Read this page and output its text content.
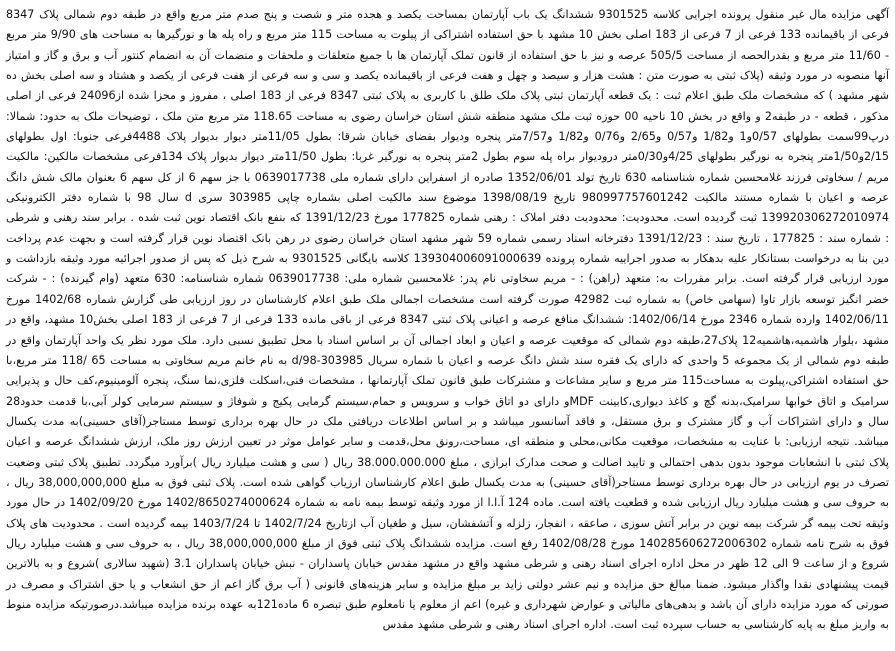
آگهی مزایده مال غیر منقول پرونده اجرایی کلاسه 9301525 ششدانگ یک باب آپارتمان بمساحت یکصد و هجده متر و شصت و پنج صدم متر مربع واقع در طبقه دوم شمالی پلاک 8347 فرعی از باقیمانده 133 فرعی از 7 فرعی از 183 اصلی بخش 10 مشهد با حق استفاده اشتراکی از پیلوت به مساحت 115 متر مربع و راه پله ها و نورگیرها به مساحت های 9/90 متر مربع - 11/60 متر مربع و بقدرالحصه از مساحت 505/5 عرصه و نیز با حق استفاده از قانون تملک آپارتمان ها با جمیع متعلقات و ملحقات و منضمات آن به انضمام کنتور آب و برق و گاز و امتیاز آنها منصوبه در مورد وثیقه (پلاک ثبتی به صورت متن : هشت هزار و سیصد و چهل و هفت فرعی از باقیمانده یکصد و سی و سه فرعی از هفت فرعی از یکصد و هشتاد و سه اصلی بخش ده شهر مشهد ) که مشخصات ملک طبق اعلام ثبت : یک قطعه آپارتمان ثبتی پلاک ملک طلق با کاربری به پلاک ثبتی 8347 فرعی از 183 اصلی ، مفروز و مجزا شده از24096 فرعی از اصلی مذکور ، قطعه - در طبقه2 و واقع در بخش 10 ناحیه 00 حوزه ثبت ملک مشهد منطقه شش استان خراسان رضوی به مساحت 118.65 متر مربع متن ملک ، توضیحات ملک به حدود: شمالا: درپ99سمت بطولهای 0/57و1 و1/82 و0/57 و2/65 و0/76 و1/82 و7/57متر پنجره ودیوار بفضای خیابان شرقا: بطول 11/05متر دیوار بدیوار پلاک 4488فرعی جنوبا: اول بطولهای 2/15و1/50متر پنجره به نورگیر بطولهای 4/25و0/30متر درودیوار براه پله سوم بطول 2متر پنجره به نورگیر غربا: بطول 11/50متر دیوار بدیوار پلاک 134فرعی مشخصات مالکین: مالکیت مریم / سخاوتی فرزند غلامحسین شماره شناسنامه 630 تاریخ تولد 1352/06/01 صادره از اسفراین دارای شماره ملی 0639017738 با جز سهم 6 از کل سهم 6 بعنوان مالک شش دانگ عرصه و اعیان با شماره مستند مالکیت 980997757601242 تاریخ 1398/08/19 موضوع سند مالکیت اصلی بشماره چاپی 303985 سری d سال 98 با شماره دفتر الکترونیکی 139920306272010974 ثبت گردیده است. محدودیت: محدودیت دفتر املاک : رهنی شماره 177825 مورخ 1391/12/23 که بنفع بانک اقتصاد نوین ثبت شده . برابر سند رهنی و شرطی : شماره سند : 177825 ، تاریخ سند : 1391/12/23 دفترخانه اسناد رسمی شماره 59 شهر مشهد استان خراسان رضوی در رهن بانک اقتصاد نوین قرار گرفته است و بجهت عدم پرداخت دین بنا به درخواست بستانکار علیه بدهکار به صدور اجراییه شماره پرونده 139304006091000639 کلاسه بایگانی 9301525 به شرح ذیل که پس از صدور اجرائیه مورد وثیقه بازداشت و مورد ارزیابی قرار گرفته است. برابر مقررات به: متعهد (راهن) : - مریم سخاوتی نام پدر: غلامحسین شماره ملی: 0639017738 شماره شناسنامه: 630 متعهد (وام گیرنده) : - شرکت خضر انگیز توسعه بازار تاوا (سهامی خاص) به شماره ثبت 42982 صورت گرفته است مشخصات اجمالی ملک طبق اعلام کارشناسان در روز ارزیابی طی گزارش شماره 1402/68 مورخ 1402/06/11 وارده شماره 2346 مورخ 1402/06/14: ششدانگ منافع عرصه و اعیانی پلاک ثبتی 8347 فرعی از باقی مانده 133 فرعی از 7 فرعی از 183 اصلی بخش10 مشهد، واقع در مشهد ،بلوار هاشمیه،هاشمیه12 پلاک27،طبقه دوم شمالی که موقعیت عرصه و اعیان و ابعاد اجمالی آن بر اساس اسناد با محل تطبیق نسبی دارد. ملک مورد نظر یک واحد آپارتمان واقع در طبقه دوم شمالی از یک مجموعه 5 واحدی که دارای یک فقره سند شش دانگ عرصه و اعیان با شماره سریال 303985-98/d به نام خانم مریم سخاوتی به مساحت 65 /118 متر مربع،با حق استفاده اشتراکی،پیلوت به مساحت115 متر مربع و سایر مشاعات و مشترکات طبق قانون تملک آپارتمانها ، مشخصات فنی،اسکلت فلزی،نما سنگ، پنجره آلومینیوم،کف حال و پذیرایی سرامیک و اتاق خوابها سرامیک،بدنه گچ و کاغذ دیواری،کابینت MDFو دارای دو اتاق خواب و سرویس و حمام،سیستم گرمایی پکیج و شوفاژ و سیستم سرمایی کولر آبی،با قدمت حدود28 سال و دارای اشتراکات آب و گاز مشترک و برق مستقل، و فاقد آسانسور میباشد و بر اساس اطلاعات دریافتی ملک در حال بهره برداری توسط مستاجر(آقای حسینی)به مدت یکسال میباشد. نتیجه ارزیابی: با عنایت به مشخصات، موقعیت مکانی،محلی و منطقه ای، مساحت،رونق محل،قدمت و سایر عوامل موثر در تعیین ارزش روز ملک، ارزش ششدانگ عرصه و اعیان پلاک ثبتی با انشعابات موجود بدون بدهی احتمالی و تایید اصالت و صحت مدارک ابرازی ، مبلغ 38.000.000.000 ریال ( سی و هشت میلیارد ریال )برآورد میگردد. تطبیق پلاک ثبتی وضعیت تصرف در یوم ارزیابی در حال بهره برداری توسط مستاجر(آقای حسینی) به مدت یکسال طبق اعلام کارشناسان ارزیاب گواهی شده است. پلاک ثبتی فوق به مبلغ 38,000,000,000 ریال ، به حروف سی و هشت میلیارد ریال ارزیابی شده و قطعیت یافته است. ماده 124 آ.ا.ا از مورد وثیقه توسط بیمه نامه به شماره 1402/8650274000624 مورخ 1402/09/20 در حال مورد وثیقه تحت بیمه گر شرکت بیمه نوین در برابر آتش سوزی ، صاعقه ، انفجار، زلزله و آتشفشان، سیل و طغیان آب ازتاریخ 1402/7/24 تا 1403/7/24 بیمه گردیده است . محدودیت های پلاک فوق به شرح نامه شماره 140285606272006302 مورخ 1402/08/28 رفع است. مزایده ششدانگ پلاک ثبتی فوق از مبلغ 38,000,000,000 ریال ، به حروف سی و هشت میلیارد ریال شروع و از ساعت 9 الی 12 ظهر در محل اداره اجرای اسناد رهنی و شرطی مشهد واقع در مشهد مقدس خیابان پاسداران - نبش خیابان پاسداران 3.1 (شهید سالاری )شروع و به بالاترین قیمت پیشنهادی نقدا واگذار میشود. ضمنا مبالغ حق مزایده و نیم عشر دولتی زاید بر مبلغ مزایده و سایر هزینه‌های قانونی ( آب برق گاز اعم از حق انشعاب و یا حق اشتراک و مصرف در صورتی که مورد مزایده دارای آن باشد و بدهی‌های مالیاتی و عوارض شهرداری و غیره) اعم از معلوم یا نامعلوم طبق تبصره 6 ماده121به عهده برنده مزایده میباشد.درصورتیکه مزایده منوط به واریز مبلغ به پایه کارشناسی به حساب سپرده ثبت است. اداره اجرای اسناد رهنی و شرطی مشهد مقدس
